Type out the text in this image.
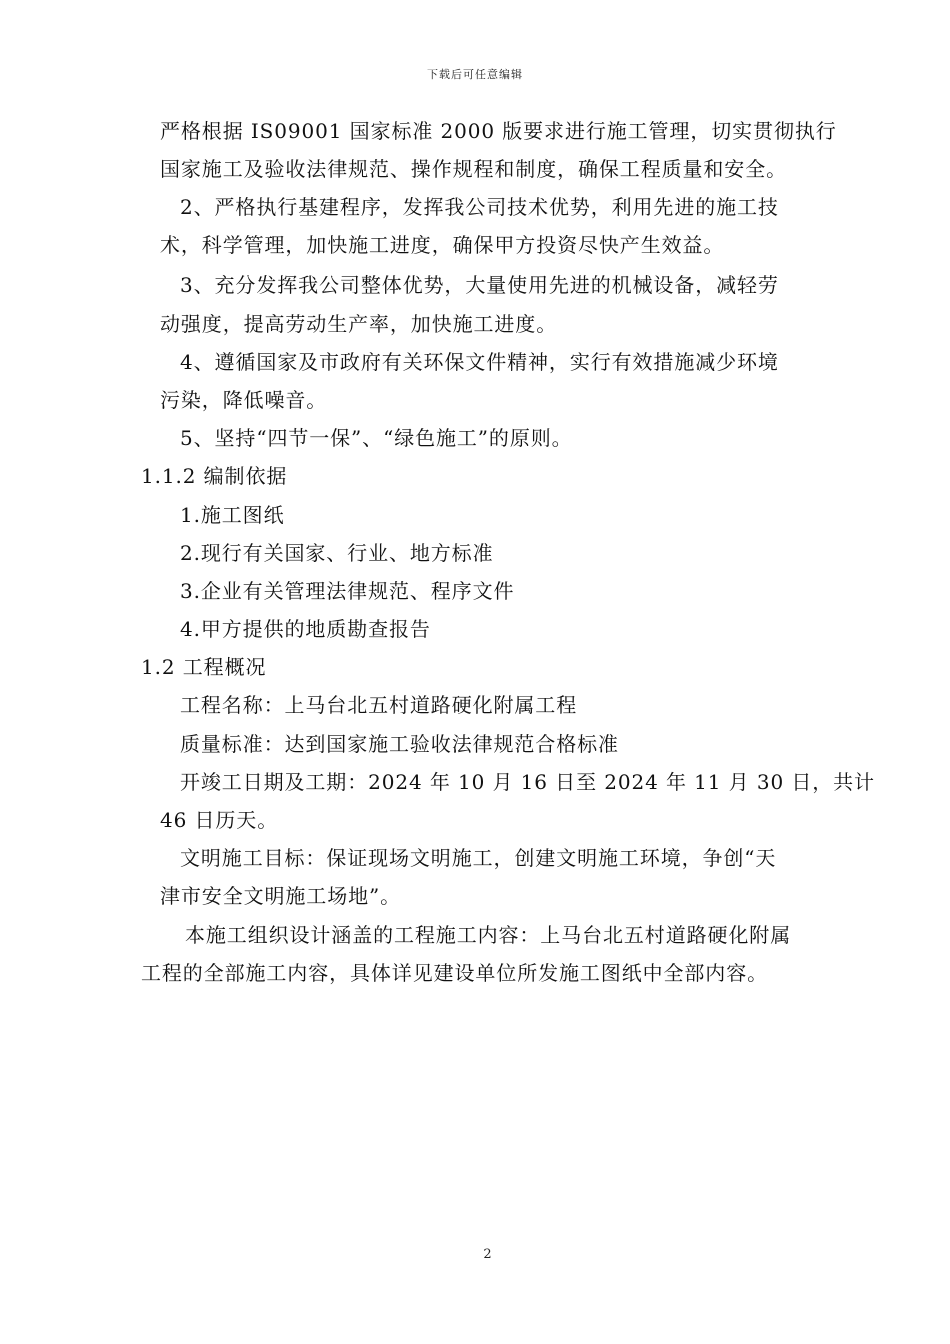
下载后可任意编辑
严格根据 IS09001 国家标准 2000 版要求进行施工管理，切实贯彻执行
国家施工及验收法律规范、操作规程和制度，确保工程质量和安全。
2、严格执行基建程序，发挥我公司技术优势，利用先进的施工技
术，科学管理，加快施工进度，确保甲方投资尽快产生效益。
3、充分发挥我公司整体优势，大量使用先进的机械设备，减轻劳
动强度，提高劳动生产率，加快施工进度。
4、遵循国家及市政府有关环保文件精神，实行有效措施减少环境
污染，降低噪音。
5、坚持“四节一保”、“绿色施工”的原则。
1.1.2 编制依据
1.施工图纸
2.现行有关国家、行业、地方标准
3.企业有关管理法律规范、程序文件
4.甲方提供的地质勘查报告
1.2 工程概况
工程名称：上马台北五村道路硬化附属工程
质量标准：达到国家施工验收法律规范合格标准
开竣工日期及工期：2024 年 10 月 16 日至 2024 年 11 月 30 日，共计
46 日历天。
文明施工目标：保证现场文明施工，创建文明施工环境，争创“天
津市安全文明施工场地”。
本施工组织设计涵盖的工程施工内容：上马台北五村道路硬化附属
工程的全部施工内容，具体详见建设单位所发施工图纸中全部内容。
2
